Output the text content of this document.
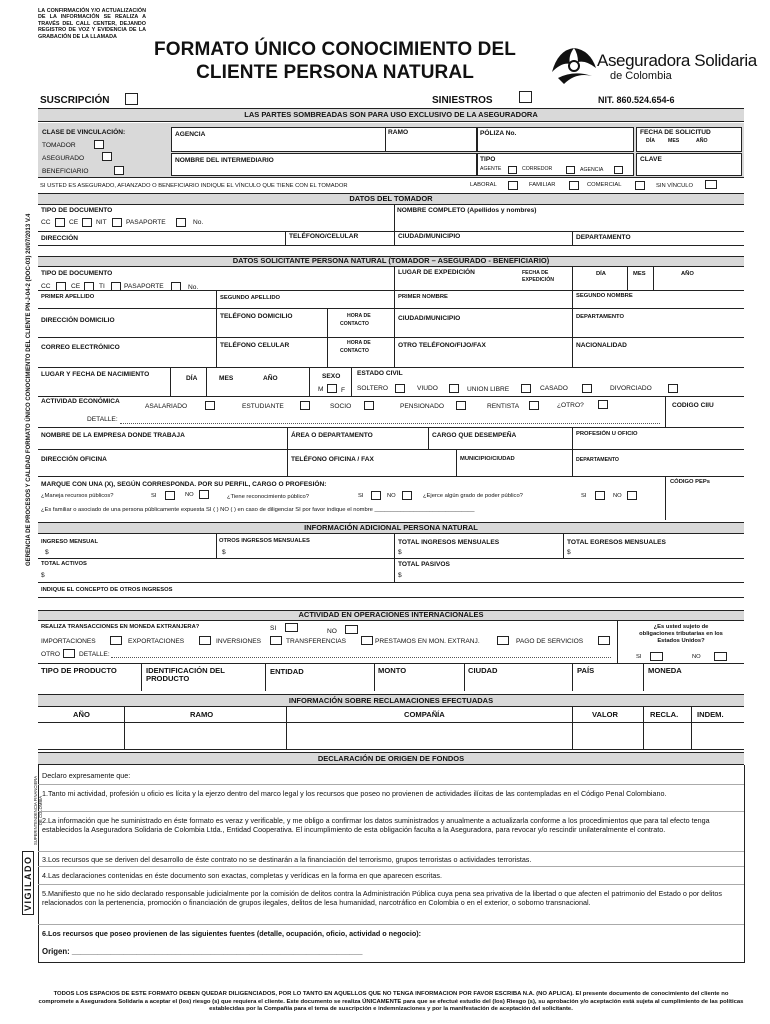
LA CONFIRMACIÓN Y/O ACTUALIZACIÓN DE LA INFORMACIÓN SE REALIZA A TRAVÉS DEL CALL CENTER, DEJANDO REGISTRO DE VOZ Y EVIDENCIA DE LA GRABACIÓN DE LA LLAMADA
FORMATO ÚNICO CONOCIMIENTO DEL
CLIENTE PERSONA NATURAL
Aseguradora Solidaria
de Colombia
SUSCRIPCIÓN	SINIESTROS	NIT. 860.524.654-6
GERENCIA DE PROCESOS Y CALIDAD FORMATO ÚNICO CONOCIMIENTO DEL CLIENTE PN-J-04-2 (DOC-03) 20/07/2013 V.4
VIGILADO
SUPERINTENDENCIA FINANCIERA DE COLOMBIA
LAS PARTES SOMBREADAS SON PARA USO EXCLUSIVO DE LA ASEGURADORA
CLASE DE VINCULACIÓN:
TOMADOR
ASEGURADO
BENEFICIARIO
AGENCIA	RAMO	PÓLIZA No.
NOMBRE DEL INTERMEDIARIO	TIPO
AGENTE	CORREDOR	AGENCIA
FECHA DE SOLICITUD
DÍA	MES	AÑO
CLAVE
SI USTED ES ASEGURADO, AFIANZADO O BENEFICIARIO INDIQUE EL VÍNCULO QUE TIENE CON EL TOMADOR	LABORAL	FAMILIAR	COMERCIAL	SIN VÍNCULO
DATOS DEL TOMADOR
TIPO DE DOCUMENTO
CC	CE	NIT	PASAPORTE	No.
NOMBRE COMPLETO (Apellidos y nombres)
DIRECCIÓN	TELÉFONO/CELULAR	CIUDAD/MUNICIPIO	DEPARTAMENTO
DATOS SOLICITANTE PERSONA NATURAL (TOMADOR – ASEGURADO - BENEFICIARIO)
TIPO DE DOCUMENTO
CC	CE	TI	PASAPORTE	No.
LUGAR DE EXPEDICIÓN	FECHA DE
EXPEDICIÓN
DÍA	MES	AÑO
PRIMER APELLIDO	SEGUNDO APELLIDO	PRIMER NOMBRE	SEGUNDO NOMBRE
DIRECCIÓN DOMICILIO
TELÉFONO DOMICILIO	HORA DE
CONTACTO
CIUDAD/MUNICIPIO	DEPARTAMENTO
CORREO ELECTRÓNICO	TELÉFONO CELULAR	HORA DE
CONTACTO
OTRO TELÉFONO/FIJO/FAX	NACIONALIDAD
LUGAR Y FECHA DE NACIMIENTO
DÍA	MES	AÑO	SEXO
M	F
ESTADO CIVIL
SOLTERO	VIUDO	UNION LIBRE	CASADO	DIVORCIADO
ACTIVIDAD ECONÓMICA
ASALARIADO	ESTUDIANTE	SOCIO	PENSIONADO	RENTISTA	¿OTRO?
DETALLE:
CODIGO CIIU
NOMBRE DE LA EMPRESA DONDE TRABAJA	ÁREA O DEPARTAMENTO	CARGO QUE DESEMPEÑA	PROFESIÓN U OFICIO
DIRECCIÓN OFICINA	TELÉFONO OFICINA / FAX	MUNICIPIO/CIUDAD	DEPARTAMENTO
MARQUE CON UNA (X), SEGÚN CORRESPONDA. POR SU PERFIL, CARGO O PROFESIÓN:	CÓDIGO PEPs
¿Maneja recursos públicos?	SI	NO	¿Tiene reconocimiento público?	SI	NO	¿Ejerce algún grado de poder público?	SI	NO
¿Es familiar o asociado de una persona públicamente expuesta SI ( ) NO ( ) en caso de diligenciar SI por favor indique el nombre _______________________________
INFORMACIÓN ADICIONAL PERSONA NATURAL
INGRESO MENSUAL
$
OTROS INGRESOS MENSUALES
$
TOTAL INGRESOS MENSUALES
$
TOTAL EGRESOS MENSUALES
$
TOTAL ACTIVOS
$
TOTAL PASIVOS
$
INDIQUE EL CONCEPTO DE OTROS INGRESOS
ACTIVIDAD EN OPERACIONES INTERNACIONALES
REALIZA TRANSACCIONES EN MONEDA EXTRANJERA?	SI	NO
IMPORTACIONES	EXPORTACIONES	INVERSIONES	TRANSFERENCIAS	PRESTAMOS EN MON. EXTRANJ.	PAGO DE SERVICIOS
OTRO	DETALLE:
¿Es usted sujeto de
obligaciones tributarias en los
Estados Unidos?
SI	NO
TIPO DE PRODUCTO	IDENTIFICACIÓN DEL
PRODUCTO
ENTIDAD	MONTO	CIUDAD	PAÍS	MONEDA
INFORMACIÓN SOBRE RECLAMACIONES EFECTUADAS
AÑO	RAMO	COMPAÑÍA	VALOR	RECLA. INDEM.
DECLARACIÓN DE ORIGEN DE FONDOS
Declaro expresamente que:
1.Tanto mi actividad, profesión u oficio es lícita y la ejerzo dentro del marco legal y los recursos que poseo no provienen de actividades ilícitas de las contempladas en el Código Penal Colombiano.
2.La información que he suministrado en éste formato es veraz y verificable, y me obligo a confirmar los datos suministrados y anualmente a actualizarla conforme a los procedimientos que para tal efecto tenga establecidos la Aseguradora Solidaria de Colombia Ltda., Entidad Cooperativa. El incumplimiento de esta obligación faculta a la Aseguradora, para revocar y/o rescindir unilateralmente el contrato.
3.Los recursos que se deriven del desarrollo de éste contrato no se destinarán a la financiación del terrorismo, grupos terroristas o actividades terroristas.
4.Las declaraciones contenidas en éste documento son exactas, completas y verídicas en la forma en que aparecen escritas.
5.Manifiesto que no he sido declarado responsable judicialmente por la comisión de delitos contra la Administración Pública cuya pena sea privativa de la libertad o que afecten el patrimonio del Estado o por delitos relacionados con la pertenencia, promoción o financiación de grupos ilegales, delitos de lesa humanidad, narcotráfico en Colombia o en el exterior, o soborno transnacional.
6.Los recursos que poseo provienen de las siguientes fuentes (detalle, ocupación, oficio, actividad o negocio):
Origen: ___________________________________________________________________
TODOS LOS ESPACIOS DE ESTE FORMATO DEBEN QUEDAR DILIGENCIADOS, POR LO TANTO EN AQUELLOS QUE NO TENGA INFORMACION POR FAVOR ESCRIBA N.A. (NO APLICA). El presente documento de conocimiento del cliente no compromete a Aseguradora Solidaria a aceptar el (los) riesgo (s) que requiera el cliente. Este documento se realiza ÚNICAMENTE para que se efectué estudio del (los) Riesgo (s), su aprobación y/o aceptación está sujeta al cumplimiento de las políticas establecidas por la Compañía para el tema de suscripción e indemnizaciones y por la manifestación de aceptación del solicitante.
